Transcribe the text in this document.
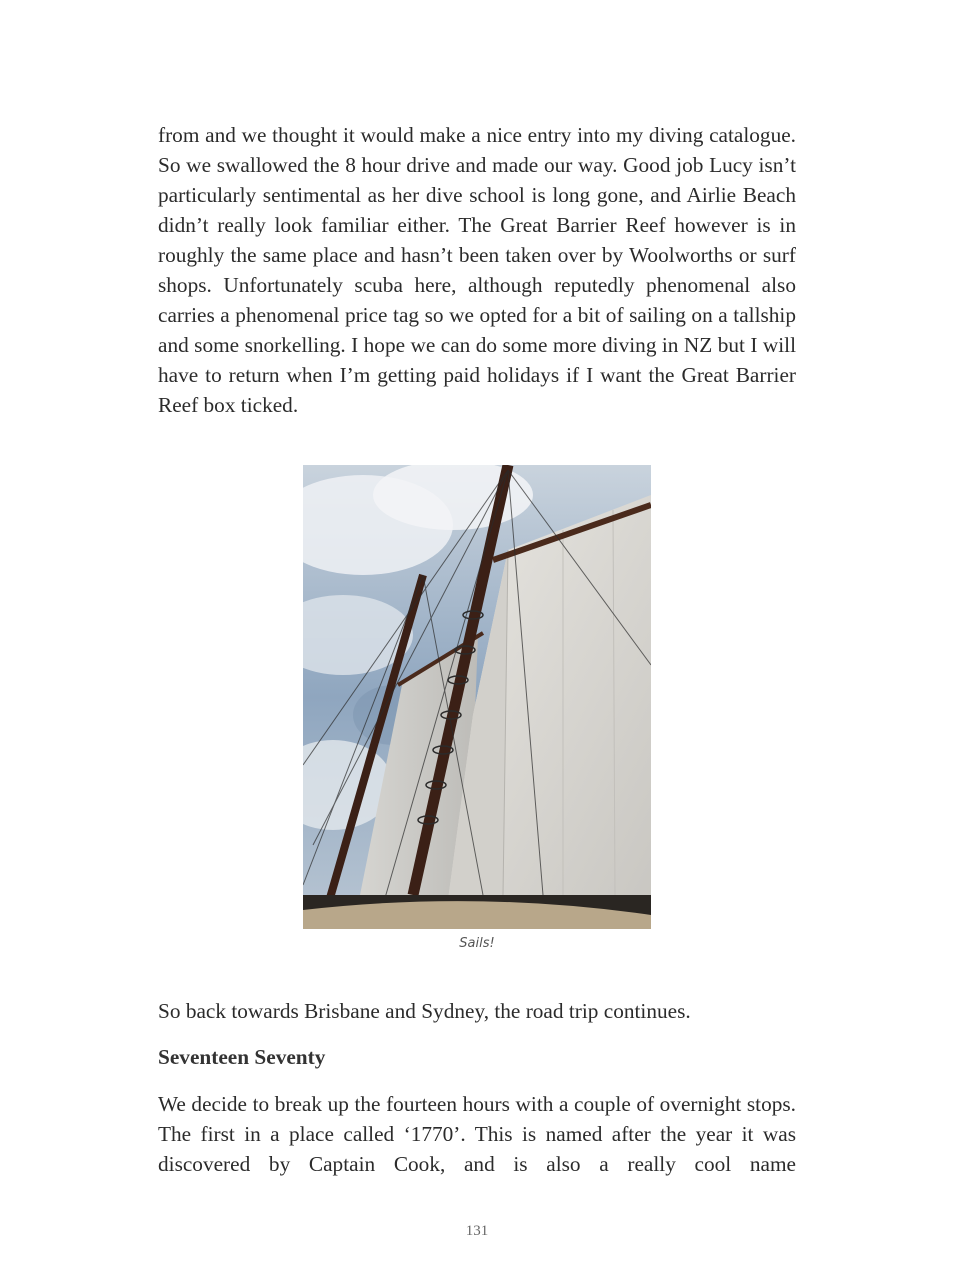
from and we thought it would make a nice entry into my diving catalogue. So we swallowed the 8 hour drive and made our way. Good job Lucy isn’t particularly sentimental as her dive school is long gone, and Airlie Beach didn’t really look familiar either. The Great Barrier Reef however is in roughly the same place and hasn’t been taken over by Woolworths or surf shops. Unfortunately scuba here, although reputedly phenomenal also carries a phenomenal price tag so we opted for a bit of sailing on a tallship and some snorkelling. I hope we can do some more diving in NZ but I will have to return when I’m getting paid holidays if I want the Great Barrier Reef box ticked.

Sails!

So back towards Brisbane and Sydney, the road trip continues.

Seventeen Seventy

We decide to break up the fourteen hours with a couple of overnight stops. The first in a place called ‘1770’. This is named after the year it was discovered by Captain Cook, and is also a really cool name

131
